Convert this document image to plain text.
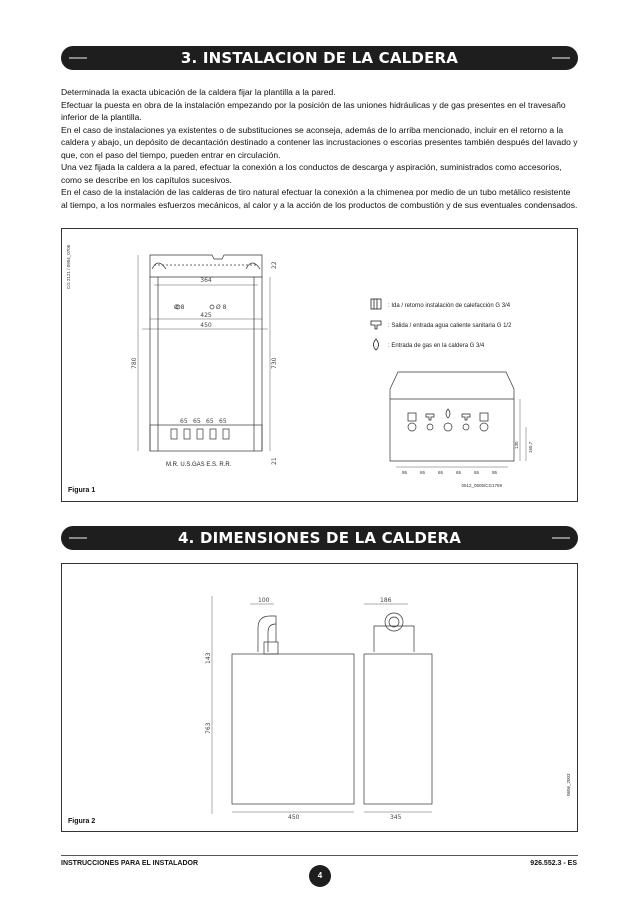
3. INSTALACION DE LA CALDERA

Determinada la exacta ubicación de la caldera fijar la plantilla a la pared.

Efectuar la puesta en obra de la instalación empezando por la posición de las uniones hidráulicas y de gas presentes en el travesaño inferior de la plantilla.

En el caso de instalaciones ya existentes o de substituciones se aconseja, además de lo arriba mencionado, incluir en el retorno a la caldera y abajo, un depósito de decantación destinado a contener las incrustaciones o escorias presentes también después del lavado y que, con el paso del tiempo, pueden entrar en circulación.

Una vez fijada la caldera a la pared, efectuar la conexión a los conductos de descarga y aspiración, suministrados como accesorios, como se describe en los capítulos sucesivos.

En el caso de la instalación de las calderas de tiro natural efectuar la conexión a la chimenea por medio de un tubo metálico resistente al tiempo, a los normales esfuerzos mecánicos, al calor y a la acción de los productos de combustión y de sus eventuales condensados.

CG 2121 / 0904_0706	364
425
450
Ø 8	Ø 8
780	730
22
21
65 65 65 65
M.R. U.S.GAS E.S. R.R.
: Ida / retorno instalación de calefacción G 3/4
: Salida / entrada agua caliente sanitaria G 1/2
: Entrada de gas en la caldera G 3/4
95	65	65	65	65	95
130 165,7
0512_0505/CG1769
Figura 1
4. DIMENSIONES DE LA CALDERA
100
143
763
450
186
345
0606_2003
Figura 2
INSTRUCCIONES PARA EL INSTALADOR
4
926.552.3 - ES
